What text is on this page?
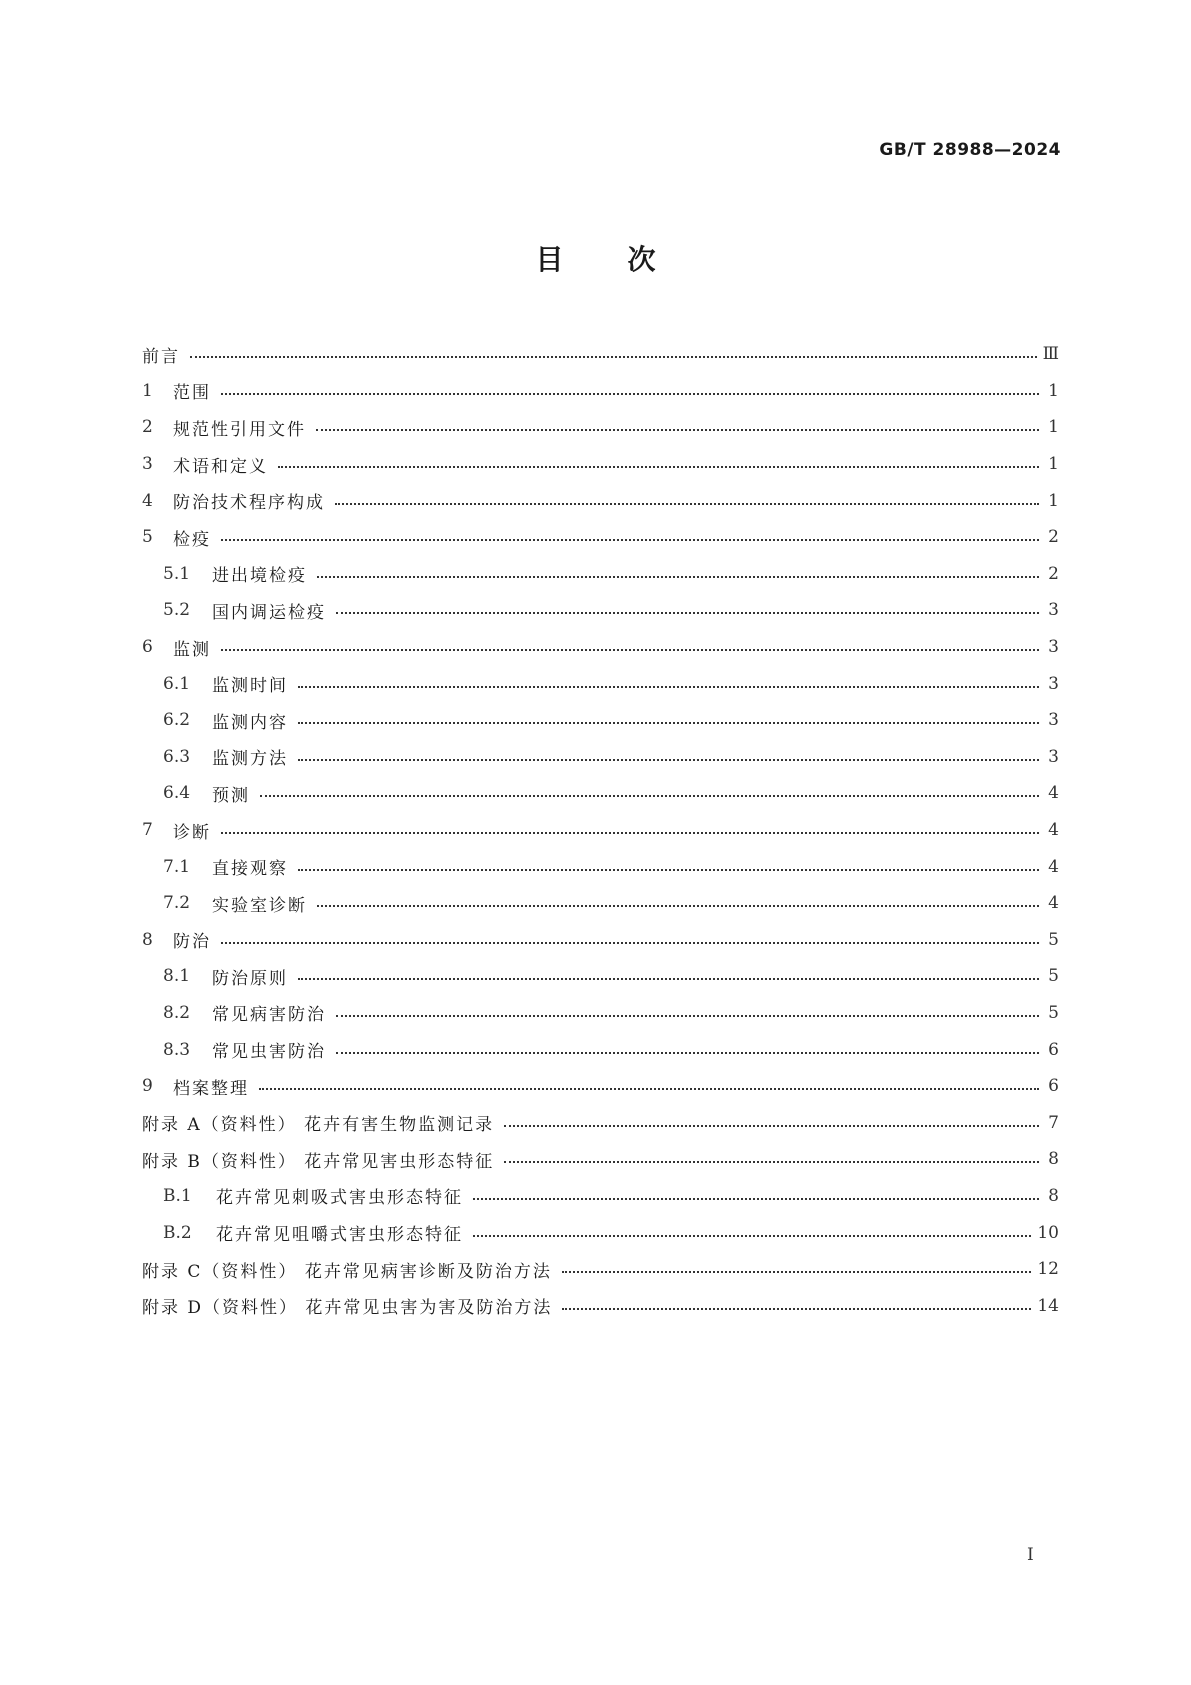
GB/T 28988—2024
目 次
前言	Ⅲ
1	范围	1
2	规范性引用文件	1
3	术语和定义	1
4	防治技术程序构成	1
5	检疫	2
5.1	进出境检疫	2
5.2	国内调运检疫	3
6	监测	3
6.1	监测时间	3
6.2	监测内容	3
6.3	监测方法	3
6.4	预测	4
7	诊断	4
7.1	直接观察	4
7.2	实验室诊断	4
8	防治	5
8.1	防治原则	5
8.2	常见病害防治	5
8.3	常见虫害防治	6
9	档案整理	6
附录 A（资料性） 花卉有害生物监测记录	7
附录 B（资料性） 花卉常见害虫形态特征	8
B.1	花卉常见刺吸式害虫形态特征	8
B.2	花卉常见咀嚼式害虫形态特征	10
附录 C（资料性） 花卉常见病害诊断及防治方法	12
附录 D（资料性） 花卉常见虫害为害及防治方法	14
I
